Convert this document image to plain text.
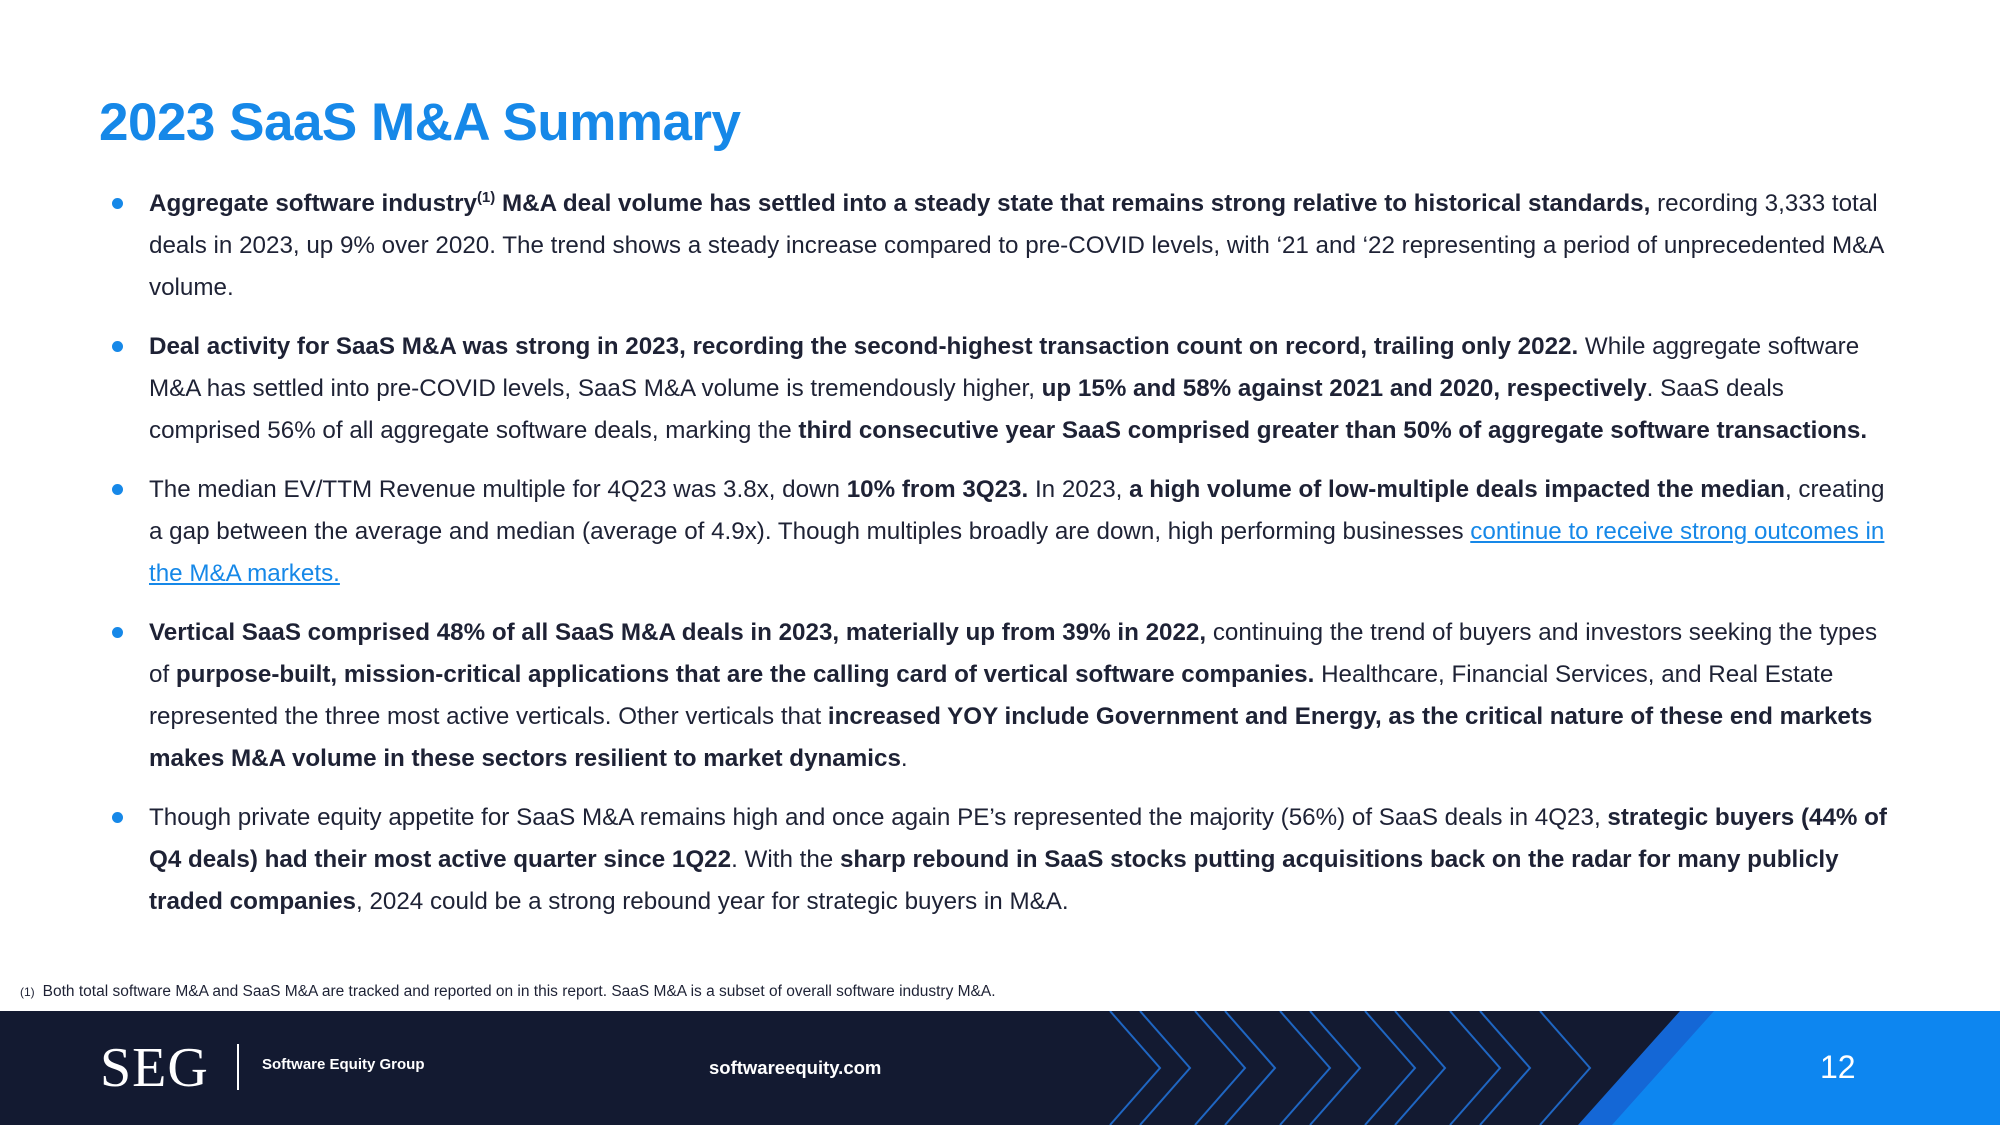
2023 SaaS M&A Summary
Aggregate software industry$^{(1)}$ M&A deal volume has settled into a steady state that remains strong relative to historical standards, recording 3,333 total deals in 2023, up 9% over 2020. The trend shows a steady increase compared to pre-COVID levels, with ‘21 and ‘22 representing a period of unprecedented M&A volume.
Deal activity for SaaS M&A was strong in 2023, recording the second-highest transaction count on record, trailing only 2022. While aggregate software M&A has settled into pre-COVID levels, SaaS M&A volume is tremendously higher, up 15% and 58% against 2021 and 2020, respectively. SaaS deals comprised 56% of all aggregate software deals, marking the third consecutive year SaaS comprised greater than 50% of aggregate software transactions.
The median EV/TTM Revenue multiple for 4Q23 was 3.8x, down 10% from 3Q23. In 2023, a high volume of low-multiple deals impacted the median, creating a gap between the average and median (average of 4.9x). Though multiples broadly are down, high performing businesses continue to receive strong outcomes in the M&A markets.
Vertical SaaS comprised 48% of all SaaS M&A deals in 2023, materially up from 39% in 2022, continuing the trend of buyers and investors seeking the types of purpose-built, mission-critical applications that are the calling card of vertical software companies. Healthcare, Financial Services, and Real Estate represented the three most active verticals. Other verticals that increased YOY include Government and Energy, as the critical nature of these end markets makes M&A volume in these sectors resilient to market dynamics.
Though private equity appetite for SaaS M&A remains high and once again PE’s represented the majority (56%) of SaaS deals in 4Q23, strategic buyers (44% of Q4 deals) had their most active quarter since 1Q22. With the sharp rebound in SaaS stocks putting acquisitions back on the radar for many publicly traded companies, 2024 could be a strong rebound year for strategic buyers in M&A.
(1) Both total software M&A and SaaS M&A are tracked and reported on in this report. SaaS M&A is a subset of overall software industry M&A.
SEG	Software Equity Group	softwareequity.com	12
